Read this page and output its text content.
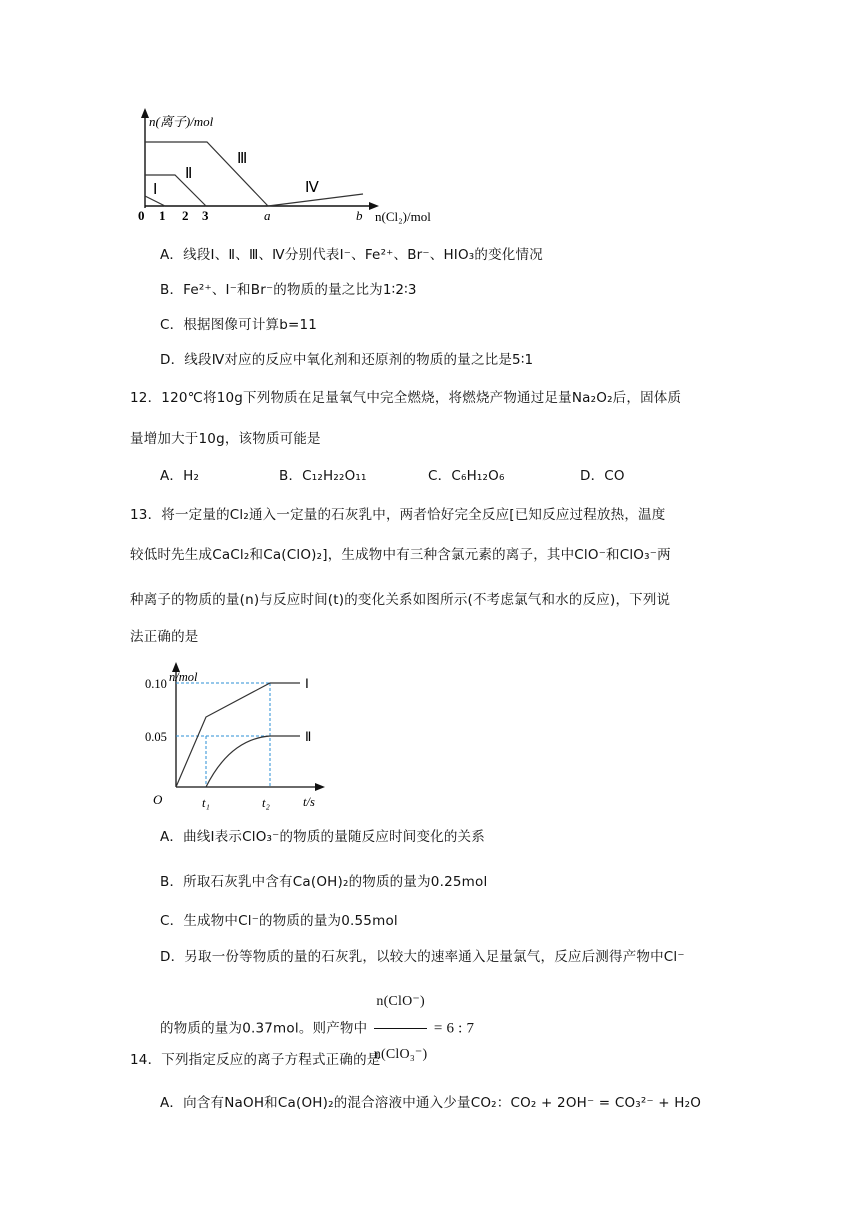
n(离子)/mol
n(Cl₂)/mol
0 1 2 3	a	b
Ⅰ
Ⅱ
Ⅲ
Ⅳ
A．线段Ⅰ、Ⅱ、Ⅲ、Ⅳ分别代表I⁻、Fe²⁺、Br⁻、HIO₃的变化情况
B．Fe²⁺、I⁻和Br⁻的物质的量之比为1∶2∶3
C．根据图像可计算b=11
D．线段Ⅳ对应的反应中氧化剂和还原剂的物质的量之比是5∶1
12．120℃将10g下列物质在足量氧气中完全燃烧，将燃烧产物通过足量Na₂O₂后，固体质
量增加大于10g，该物质可能是
A．H₂	B．C₁₂H₂₂O₁₁	C．C₆H₁₂O₆	D．CO
13．将一定量的Cl₂通入一定量的石灰乳中，两者恰好完全反应[已知反应过程放热，温度
较低时先生成CaCl₂和Ca(ClO)₂]，生成物中有三种含氯元素的离子，其中ClO⁻和ClO₃⁻两
种离子的物质的量(n)与反应时间(t)的变化关系如图所示(不考虑氯气和水的反应)，下列说
法正确的是
n/mol
t/s
O
0.10
0.05
t₁	t₂
Ⅰ
Ⅱ
A．曲线Ⅰ表示ClO₃⁻的物质的量随反应时间变化的关系
B．所取石灰乳中含有Ca(OH)₂的物质的量为0.25mol
C．生成物中Cl⁻的物质的量为0.55mol
D．另取一份等物质的量的石灰乳，以较大的速率通入足量氯气，反应后测得产物中Cl⁻
的物质的量为0.37mol。则产物中 $\frac{\text{n(ClO⁻)}}{\text{n(ClO₃⁻)}} = 6$ : 7
14．下列指定反应的离子方程式正确的是
A．向含有NaOH和Ca(OH)₂的混合溶液中通入少量CO₂：CO₂ + 2OH⁻ = CO₃²⁻ + H₂O
